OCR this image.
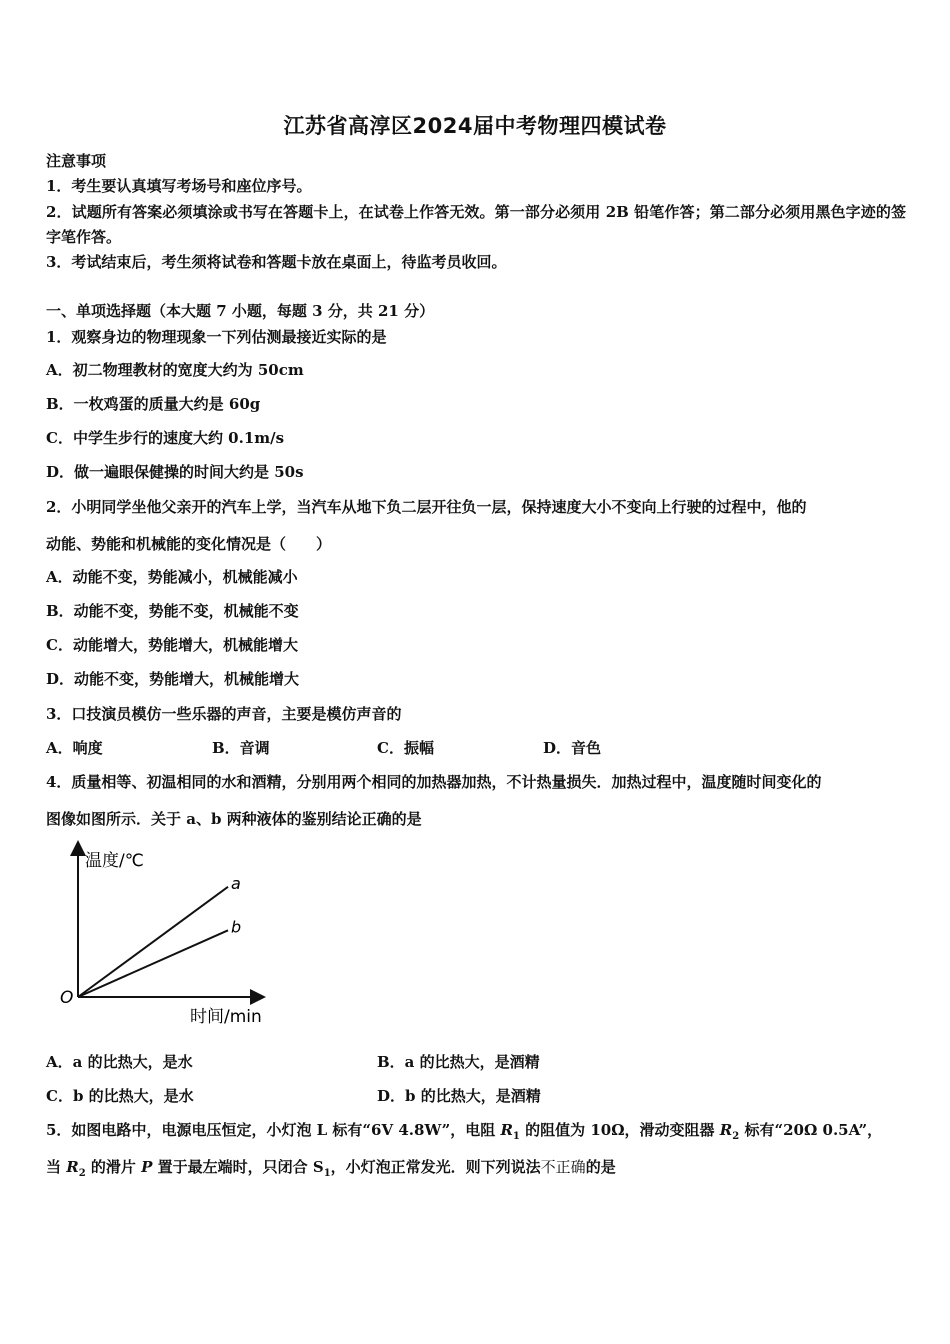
江苏省高淳区2024届中考物理四模试卷
注意事项
1．考生要认真填写考场号和座位序号。
2．试题所有答案必须填涂或书写在答题卡上，在试卷上作答无效。第一部分必须用 2B 铅笔作答；第二部分必须用黑色字迹的签字笔作答。
3．考试结束后，考生须将试卷和答题卡放在桌面上，待监考员收回。
一、单项选择题（本大题 7 小题，每题 3 分，共 21 分）
1．观察身边的物理现象一下列估测最接近实际的是
A．初二物理教材的宽度大约为 50cm
B．一枚鸡蛋的质量大约是 60g
C．中学生步行的速度大约 0.1m/s
D．做一遍眼保健操的时间大约是 50s
2．小明同学坐他父亲开的汽车上学，当汽车从地下负二层开往负一层，保持速度大小不变向上行驶的过程中，他的
动能、势能和机械能的变化情况是（　　）
A．动能不变，势能减小，机械能减小
B．动能不变，势能不变，机械能不变
C．动能增大，势能增大，机械能增大
D．动能不变，势能增大，机械能增大
3．口技演员模仿一些乐器的声音，主要是模仿声音的
A．响度	B．音调	C．振幅	D．音色
4．质量相等、初温相同的水和酒精，分别用两个相同的加热器加热，不计热量损失．加热过程中，温度随时间变化的
图像如图所示．关于 a、b 两种液体的鉴别结论正确的是
a
b
温度/℃
时间/min
O
A．a 的比热大，是水	B．a 的比热大，是酒精
C．b 的比热大，是水	D．b 的比热大，是酒精
5．如图电路中，电源电压恒定，小灯泡 L 标有“6V 4.8W”，电阻 $R_1$ 的阻值为 10Ω，滑动变阻器 $R_2$ 标有“20Ω 0.5A”，
当 $R_2$ 的滑片 P 置于最左端时，只闭合 $S_1$，小灯泡正常发光．则下列说法不正确的是
